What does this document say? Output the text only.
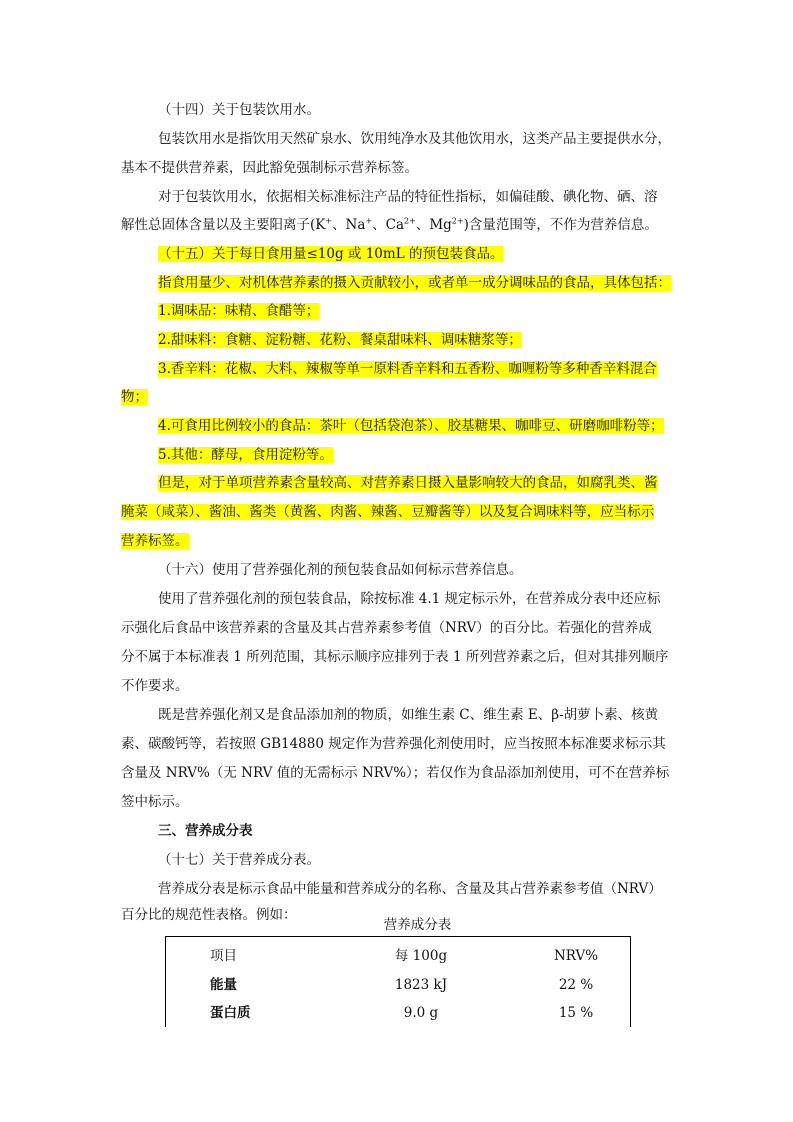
（十四）关于包装饮用水。
包装饮用水是指饮用天然矿泉水、饮用纯净水及其他饮用水，这类产品主要提供水分，
基本不提供营养素，因此豁免强制标示营养标签。
对于包装饮用水，依据相关标准标注产品的特征性指标，如偏硅酸、碘化物、硒、溶
解性总固体含量以及主要阳离子(K+、Na+、$Ca^{2+}$、$Mg^{2+}$)含量范围等，不作为营养信息。
（十五）关于每日食用量≤10g 或 10mL 的预包装食品。
指食用量少、对机体营养素的摄入贡献较小，或者单一成分调味品的食品，具体包括：
1.调味品：味精、食醋等；
2.甜味料：食糖、淀粉糖、花粉、餐桌甜味料、调味糖浆等；
3.香辛料：花椒、大料、辣椒等单一原料香辛料和五香粉、咖喱粉等多种香辛料混合
物；
4.可食用比例较小的食品：茶叶（包括袋泡茶）、胶基糖果、咖啡豆、研磨咖啡粉等；
5.其他：酵母，食用淀粉等。
但是，对于单项营养素含量较高、对营养素日摄入量影响较大的食品，如腐乳类、酱
腌菜（咸菜）、酱油、酱类（黄酱、肉酱、辣酱、豆瓣酱等）以及复合调味料等，应当标示
营养标签。
（十六）使用了营养强化剂的预包装食品如何标示营养信息。
使用了营养强化剂的预包装食品，除按标准 4.1 规定标示外，在营养成分表中还应标
示强化后食品中该营养素的含量及其占营养素参考值（NRV）的百分比。若强化的营养成
分不属于本标准表 1 所列范围，其标示顺序应排列于表 1 所列营养素之后，但对其排列顺序
不作要求。
既是营养强化剂又是食品添加剂的物质，如维生素 C、维生素 E、β-胡萝卜素、核黄
素、碳酸钙等，若按照 GB14880 规定作为营养强化剂使用时，应当按照本标准要求标示其
含量及 NRV%（无 NRV 值的无需标示 NRV%）；若仅作为食品添加剂使用，可不在营养标
签中标示。
三、营养成分表
（十七）关于营养成分表。
营养成分表是标示食品中能量和营养成分的名称、含量及其占营养素参考值（NRV）
百分比的规范性表格。例如：
营养成分表
项目	每 100g	NRV%
能量	1823 kJ	22 %
蛋白质	9.0 g	15 %
